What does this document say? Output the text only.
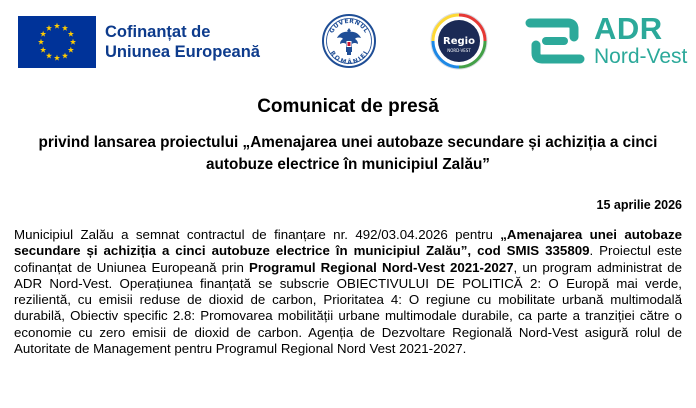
Cofinanțat de
Uniunea Europeană
GUVERNUL
ROMÂNIEI
Regio
NORD-VEST
ADR
Nord-Vest
Comunicat de presă
privind lansarea proiectului „Amenajarea unei autobaze secundare și achiziția a cinci autobuze electrice în municipiul Zalău”
15 aprilie 2026
Municipiul Zalău a semnat contractul de finanțare nr. 492/03.04.2026 pentru „Amenajarea unei autobaze secundare și achiziția a cinci autobuze electrice în municipiul Zalău”, cod SMIS 335809. Proiectul este cofinanțat de Uniunea Europeană prin Programul Regional Nord-Vest 2021-2027, un program administrat de ADR Nord-Vest. Operațiunea finanțată se subscrie OBIECTIVULUI DE POLITICĂ 2: O Europă mai verde, rezilientă, cu emisii reduse de dioxid de carbon, Prioritatea 4: O regiune cu mobilitate urbană multimodală durabilă, Obiectiv specific 2.8: Promovarea mobilității urbane multimodale durabile, ca parte a tranziției către o economie cu zero emisii de dioxid de carbon. Agenția de Dezvoltare Regională Nord-Vest asigură rolul de Autoritate de Management pentru Programul Regional Nord Vest 2021-2027.
